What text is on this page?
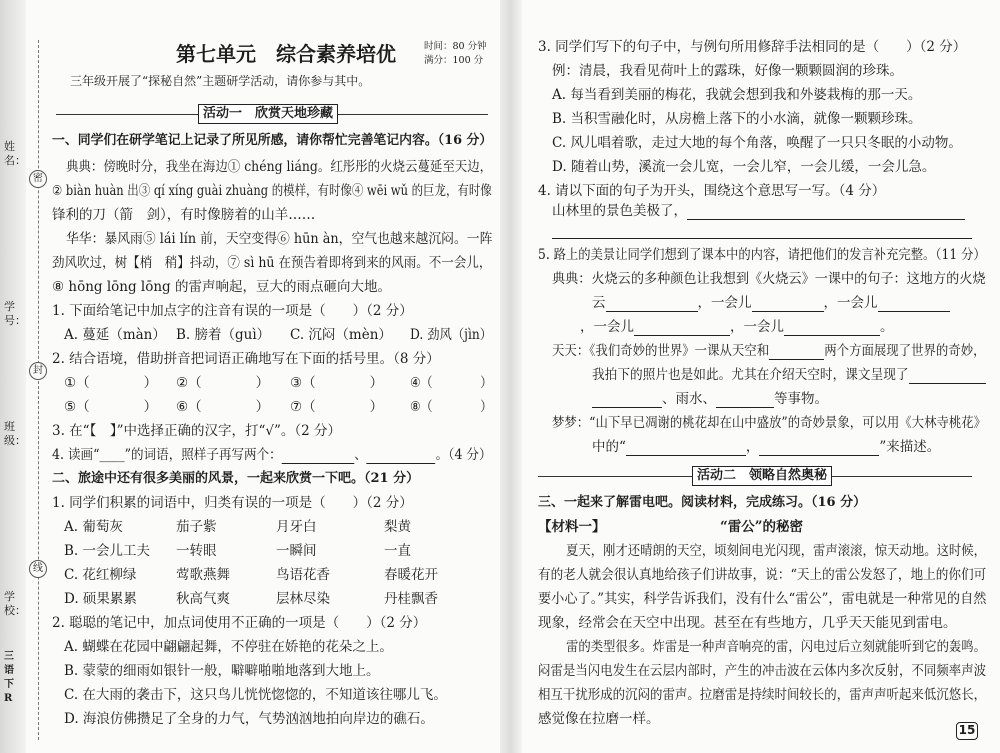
姓名：
学号：
班级：
学校：
密
封
线
三语下 R
第七单元　综合素养培优	时间：80 分钟
满分：100 分
三年级开展了“探秘自然”主题研学活动，请你参与其中。
活动一　欣赏天地珍藏
一、同学们在研学笔记上记录了所见所感，请你帮忙完善笔记内容。（16 分）
典典：傍晚时分，我坐在海边① chéng liáng。红彤彤的火烧云蔓延至天边，
② biàn huàn 出③ qí xíng guài zhuàng 的模样，有时像④ wēi wǔ 的巨龙，有时像
锋利的刀（箭　剑），有时像膀着的山羊……
华华：暴风雨⑤ lái lín 前，天空变得⑥ hūn àn，空气也越来越沉闷。一阵
劲风吹过，树【梢　稍】抖动，⑦ sì hū 在预告着即将到来的风雨。不一会儿，
⑧ hōng lōng lōng 的雷声响起，豆大的雨点砸向大地。
1. 下面给笔记中加点字的注音有误的一项是（　　）（2 分）
A. 蔓延（màn） B. 膀着（guì） C. 沉闷（mèn） D. 劲风（jìn）
2. 结合语境，借助拼音把词语正确地写在下面的括号里。（8 分）
①（　　　　） ②（　　　　） ③（　　　　） ④（　　　　）
⑤（　　　　） ⑥（　　　　） ⑦（　　　　） ⑧（　　　　）
3. 在“【　】”中选择正确的汉字，打“√”。（2 分）
4. 读画“____”的词语，照样子再写两个：	、	。（4 分）
二、旅途中还有很多美丽的风景，一起来欣赏一下吧。（21 分）
1. 同学们积累的词语中，归类有误的一项是（　　）（2 分）
A. 葡萄灰	茄子紫	月牙白	梨黄
B. 一会儿工夫 一转眼	一瞬间	一直
C. 花红柳绿	莺歌燕舞	鸟语花香	春暖花开
D. 硕果累累	秋高气爽	层林尽染	丹桂飘香
2. 聪聪的笔记中，加点词使用不正确的一项是（　　）（2 分）
A. 蝴蝶在花园中翩翩起舞，不停驻在娇艳的花朵之上。
B. 蒙蒙的细雨如银针一般，噼噼啪啪地落到大地上。
C. 在大雨的袭击下，这只鸟儿恍恍惚惚的，不知道该往哪儿飞。
D. 海浪仿佛攒足了全身的力气，气势汹汹地拍向岸边的礁石。
3. 同学们写下的句子中，与例句所用修辞手法相同的是（　　）（2 分）
例：清晨，我看见荷叶上的露珠，好像一颗颗圆润的珍珠。
A. 每当看到美丽的梅花，我就会想到我和外婆栽梅的那一天。
B. 当积雪融化时，从房檐上落下的小水滴，就像一颗颗珍珠。
C. 风儿唱着歌，走过大地的每个角落，唤醒了一只只冬眠的小动物。
D. 随着山势，溪流一会儿宽，一会儿窄，一会儿缓，一会儿急。
4. 请以下面的句子为开头，围绕这个意思写一写。（4 分）
山林里的景色美极了，
5. 路上的美景让同学们想到了课本中的内容，请把他们的发言补充完整。（11 分）
典典：火烧云的多种颜色让我想到《火烧云》一课中的句子：这地方的火烧
云	，一会儿	，一会儿
，一会儿	，一会儿	。
天天：《我们奇妙的世界》一课从天空和	两个方面展现了世界的奇妙，
我拍下的照片也是如此。尤其在介绍天空时，课文呈现了
、雨水、	等事物。
梦梦：“山下早已凋谢的桃花却在山中盛放”的奇妙景象，可以用《大林寺桃花》
中的“	，	”来描述。
活动二　领略自然奥秘
三、一起来了解雷电吧。阅读材料，完成练习。（16 分）
【材料一】	“雷公”的秘密
夏天，刚才还晴朗的天空，顷刻间电光闪现，雷声滚滚，惊天动地。这时候，
有的老人就会很认真地给孩子们讲故事，说：“天上的雷公发怒了，地上的你们可
要小心了。”其实，科学告诉我们，没有什么“雷公”，雷电就是一种常见的自然
现象，经常会在天空中出现。甚至在有些地方，几乎天天能见到雷电。
雷的类型很多。炸雷是一种声音响亮的雷，闪电过后立刻就能听到它的轰鸣。
闷雷是当闪电发生在云层内部时，产生的冲击波在云体内多次反射，不同频率声波
相互干扰形成的沉闷的雷声。拉磨雷是持续时间较长的，雷声声听起来低沉悠长，
感觉像在拉磨一样。
15
